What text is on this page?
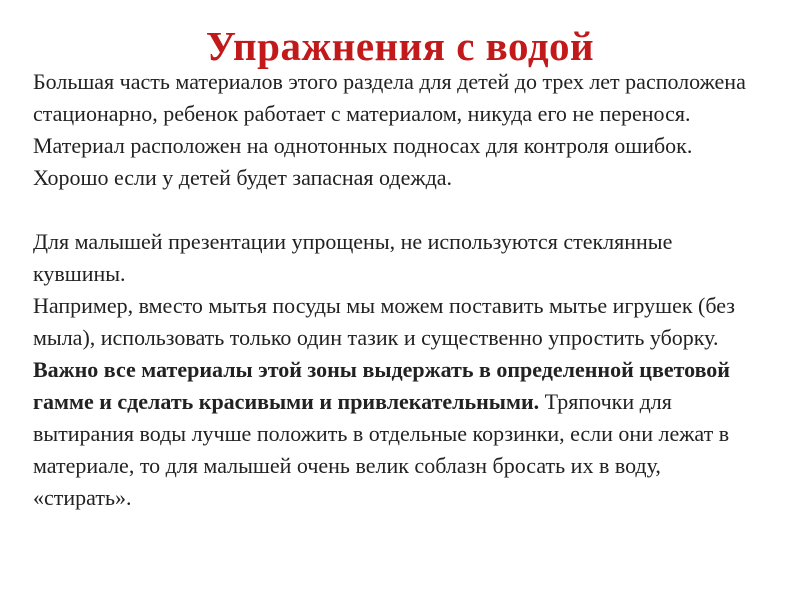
Упражнения с водой

Большая часть материалов этого раздела для детей до трех лет расположена стационарно, ребенок работает с материалом, никуда его не перенося. Материал расположен на однотонных подносах для контроля ошибок. Хорошо если у детей будет запасная одежда.

Для малышей презентации упрощены, не используются стеклянные кувшины.

Например, вместо мытья посуды мы можем поставить мытье игрушек (без мыла), использовать только один тазик и существенно упростить уборку. Важно все материалы этой зоны выдержать в определенной цветовой гамме и сделать красивыми и привлекательными. Тряпочки для вытирания воды лучше положить в отдельные корзинки, если они лежат в материале, то для малышей очень велик соблазн бросать их в воду, «стирать».
